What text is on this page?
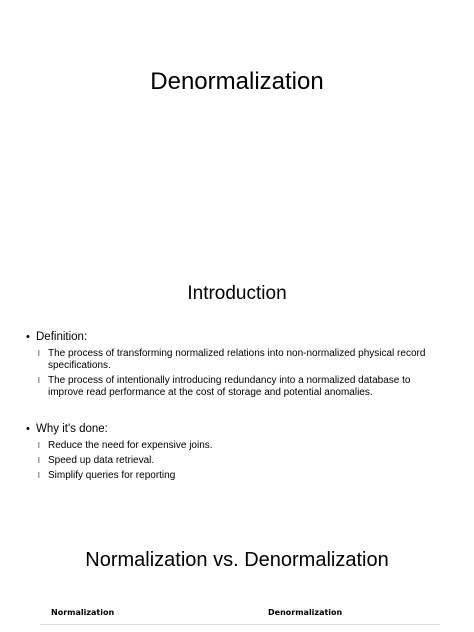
Denormalization
Introduction
• Definition:
l The process of transforming normalized relations into non-normalized physical record specifications.
l The process of intentionally introducing redundancy into a normalized database to improve read performance at the cost of storage and potential anomalies.
• Why it's done:
l Reduce the need for expensive joins.
l Speed up data retrieval.
l Simplify queries for reporting
Normalization vs. Denormalization
Normalization	Denormalization
